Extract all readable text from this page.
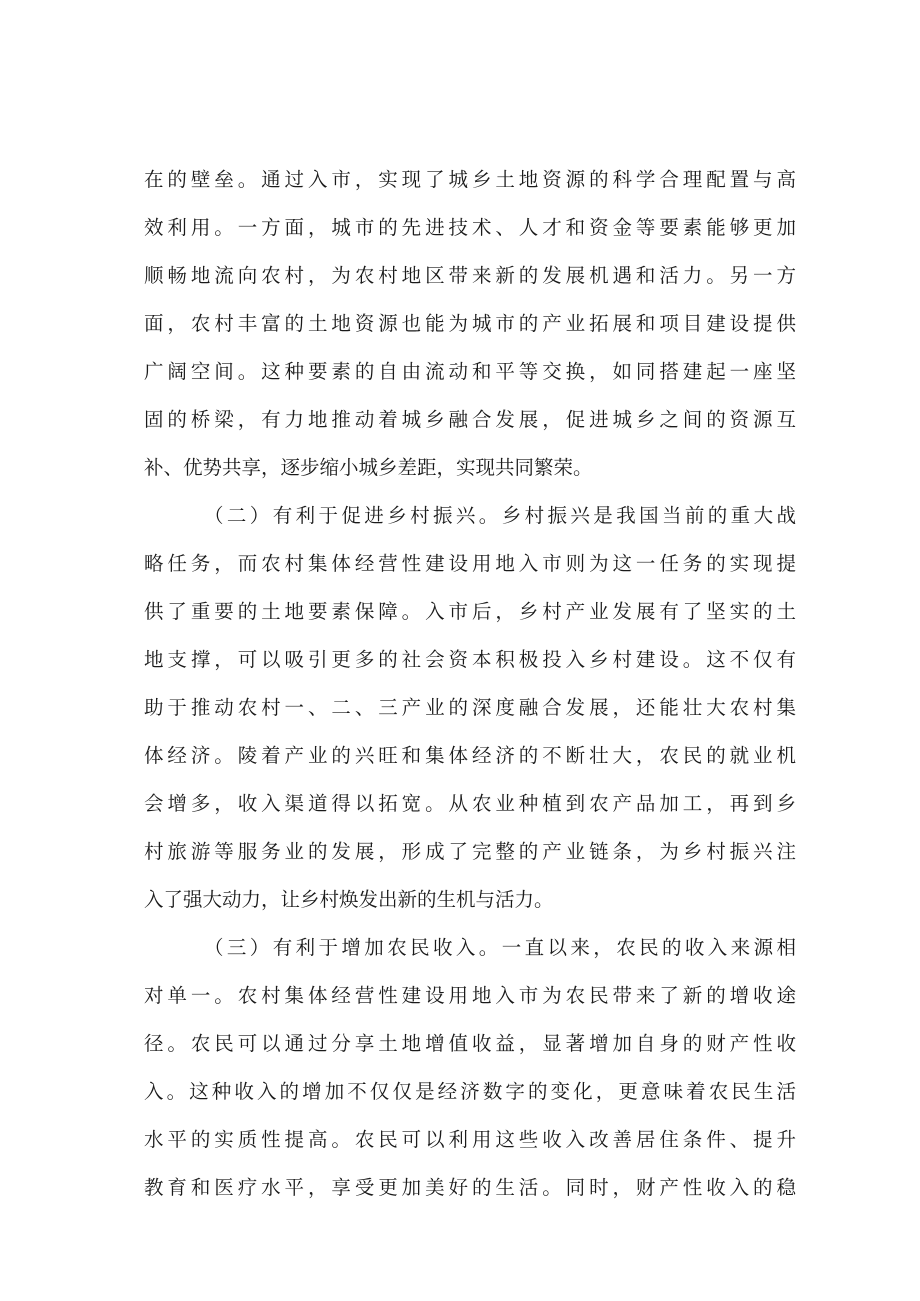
在的壁垒。通过入市，实现了城乡土地资源的科学合理配置与高
效利用。一方面，城市的先进技术、人才和资金等要素能够更加
顺畅地流向农村，为农村地区带来新的发展机遇和活力。另一方
面，农村丰富的土地资源也能为城市的产业拓展和项目建设提供
广阔空间。这种要素的自由流动和平等交换，如同搭建起一座坚
固的桥梁，有力地推动着城乡融合发展，促进城乡之间的资源互
补、优势共享，逐步缩小城乡差距，实现共同繁荣。
（二）有利于促进乡村振兴。乡村振兴是我国当前的重大战
略任务，而农村集体经营性建设用地入市则为这一任务的实现提
供了重要的土地要素保障。入市后，乡村产业发展有了坚实的土
地支撑，可以吸引更多的社会资本积极投入乡村建设。这不仅有
助于推动农村一、二、三产业的深度融合发展，还能壮大农村集
体经济。陵着产业的兴旺和集体经济的不断壮大，农民的就业机
会增多，收入渠道得以拓宽。从农业种植到农产品加工，再到乡
村旅游等服务业的发展，形成了完整的产业链条，为乡村振兴注
入了强大动力，让乡村焕发出新的生机与活力。
（三）有利于增加农民收入。一直以来，农民的收入来源相
对单一。农村集体经营性建设用地入市为农民带来了新的增收途
径。农民可以通过分享土地增值收益，显著增加自身的财产性收
入。这种收入的增加不仅仅是经济数字的变化，更意味着农民生活
水平的实质性提高。农民可以利用这些收入改善居住条件、提升
教育和医疗水平，享受更加美好的生活。同时，财产性收入的稳
